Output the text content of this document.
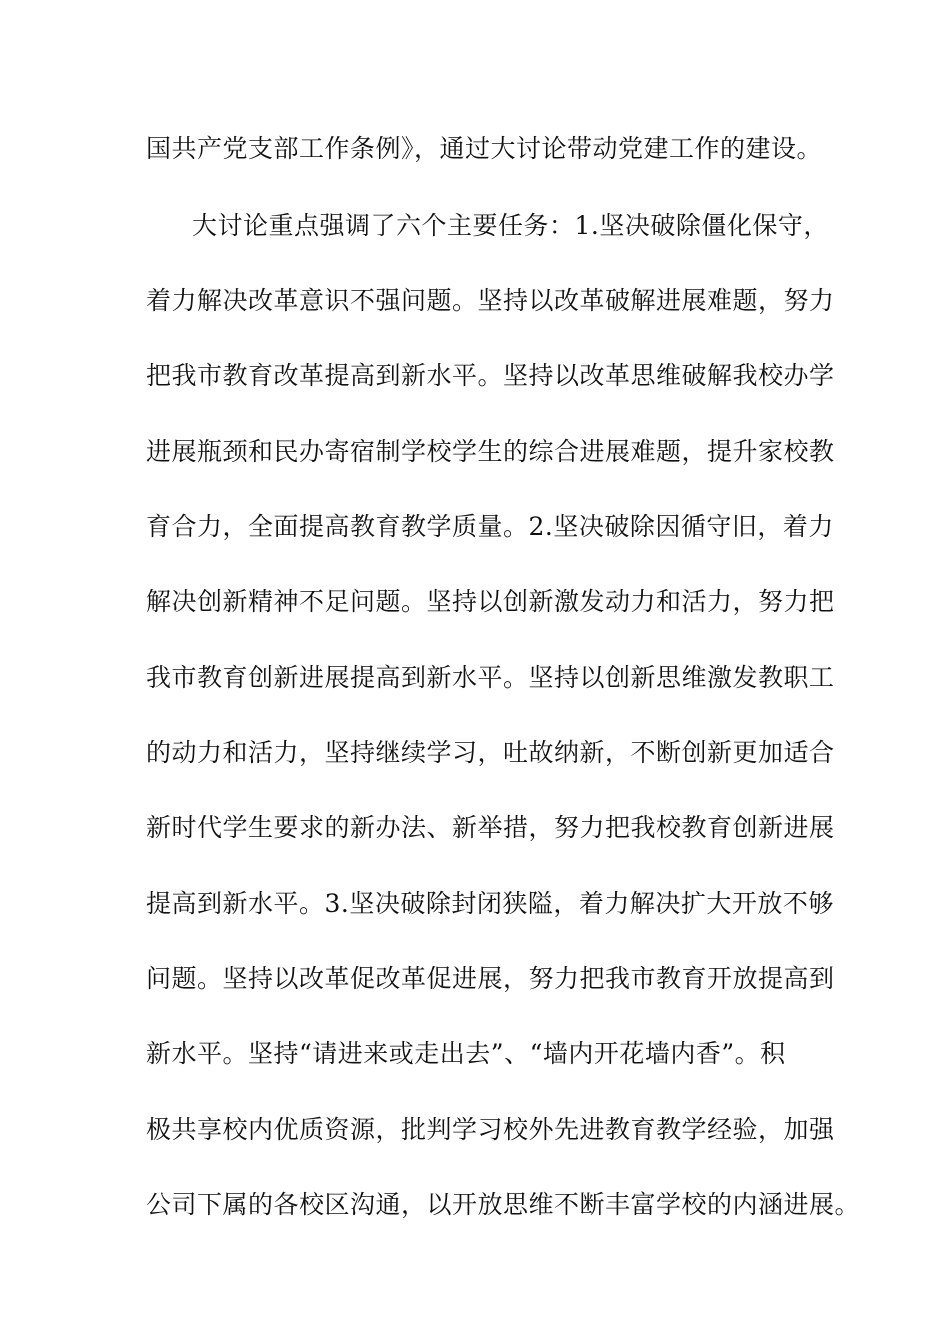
国共产党支部工作条例》，通过大讨论带动党建工作的建设。
大讨论重点强调了六个主要任务：1.坚决破除僵化保守，
着力解决改革意识不强问题。坚持以改革破解进展难题，努力
把我市教育改革提高到新水平。坚持以改革思维破解我校办学
进展瓶颈和民办寄宿制学校学生的综合进展难题，提升家校教
育合力，全面提高教育教学质量。2.坚决破除因循守旧，着力
解决创新精神不足问题。坚持以创新激发动力和活力，努力把
我市教育创新进展提高到新水平。坚持以创新思维激发教职工
的动力和活力，坚持继续学习，吐故纳新，不断创新更加适合
新时代学生要求的新办法、新举措，努力把我校教育创新进展
提高到新水平。3.坚决破除封闭狭隘，着力解决扩大开放不够
问题。坚持以改革促改革促进展，努力把我市教育开放提高到
新水平。坚持“请进来或走出去”、“墙内开花墙内香”。积
极共享校内优质资源，批判学习校外先进教育教学经验，加强
公司下属的各校区沟通，以开放思维不断丰富学校的内涵进展。
